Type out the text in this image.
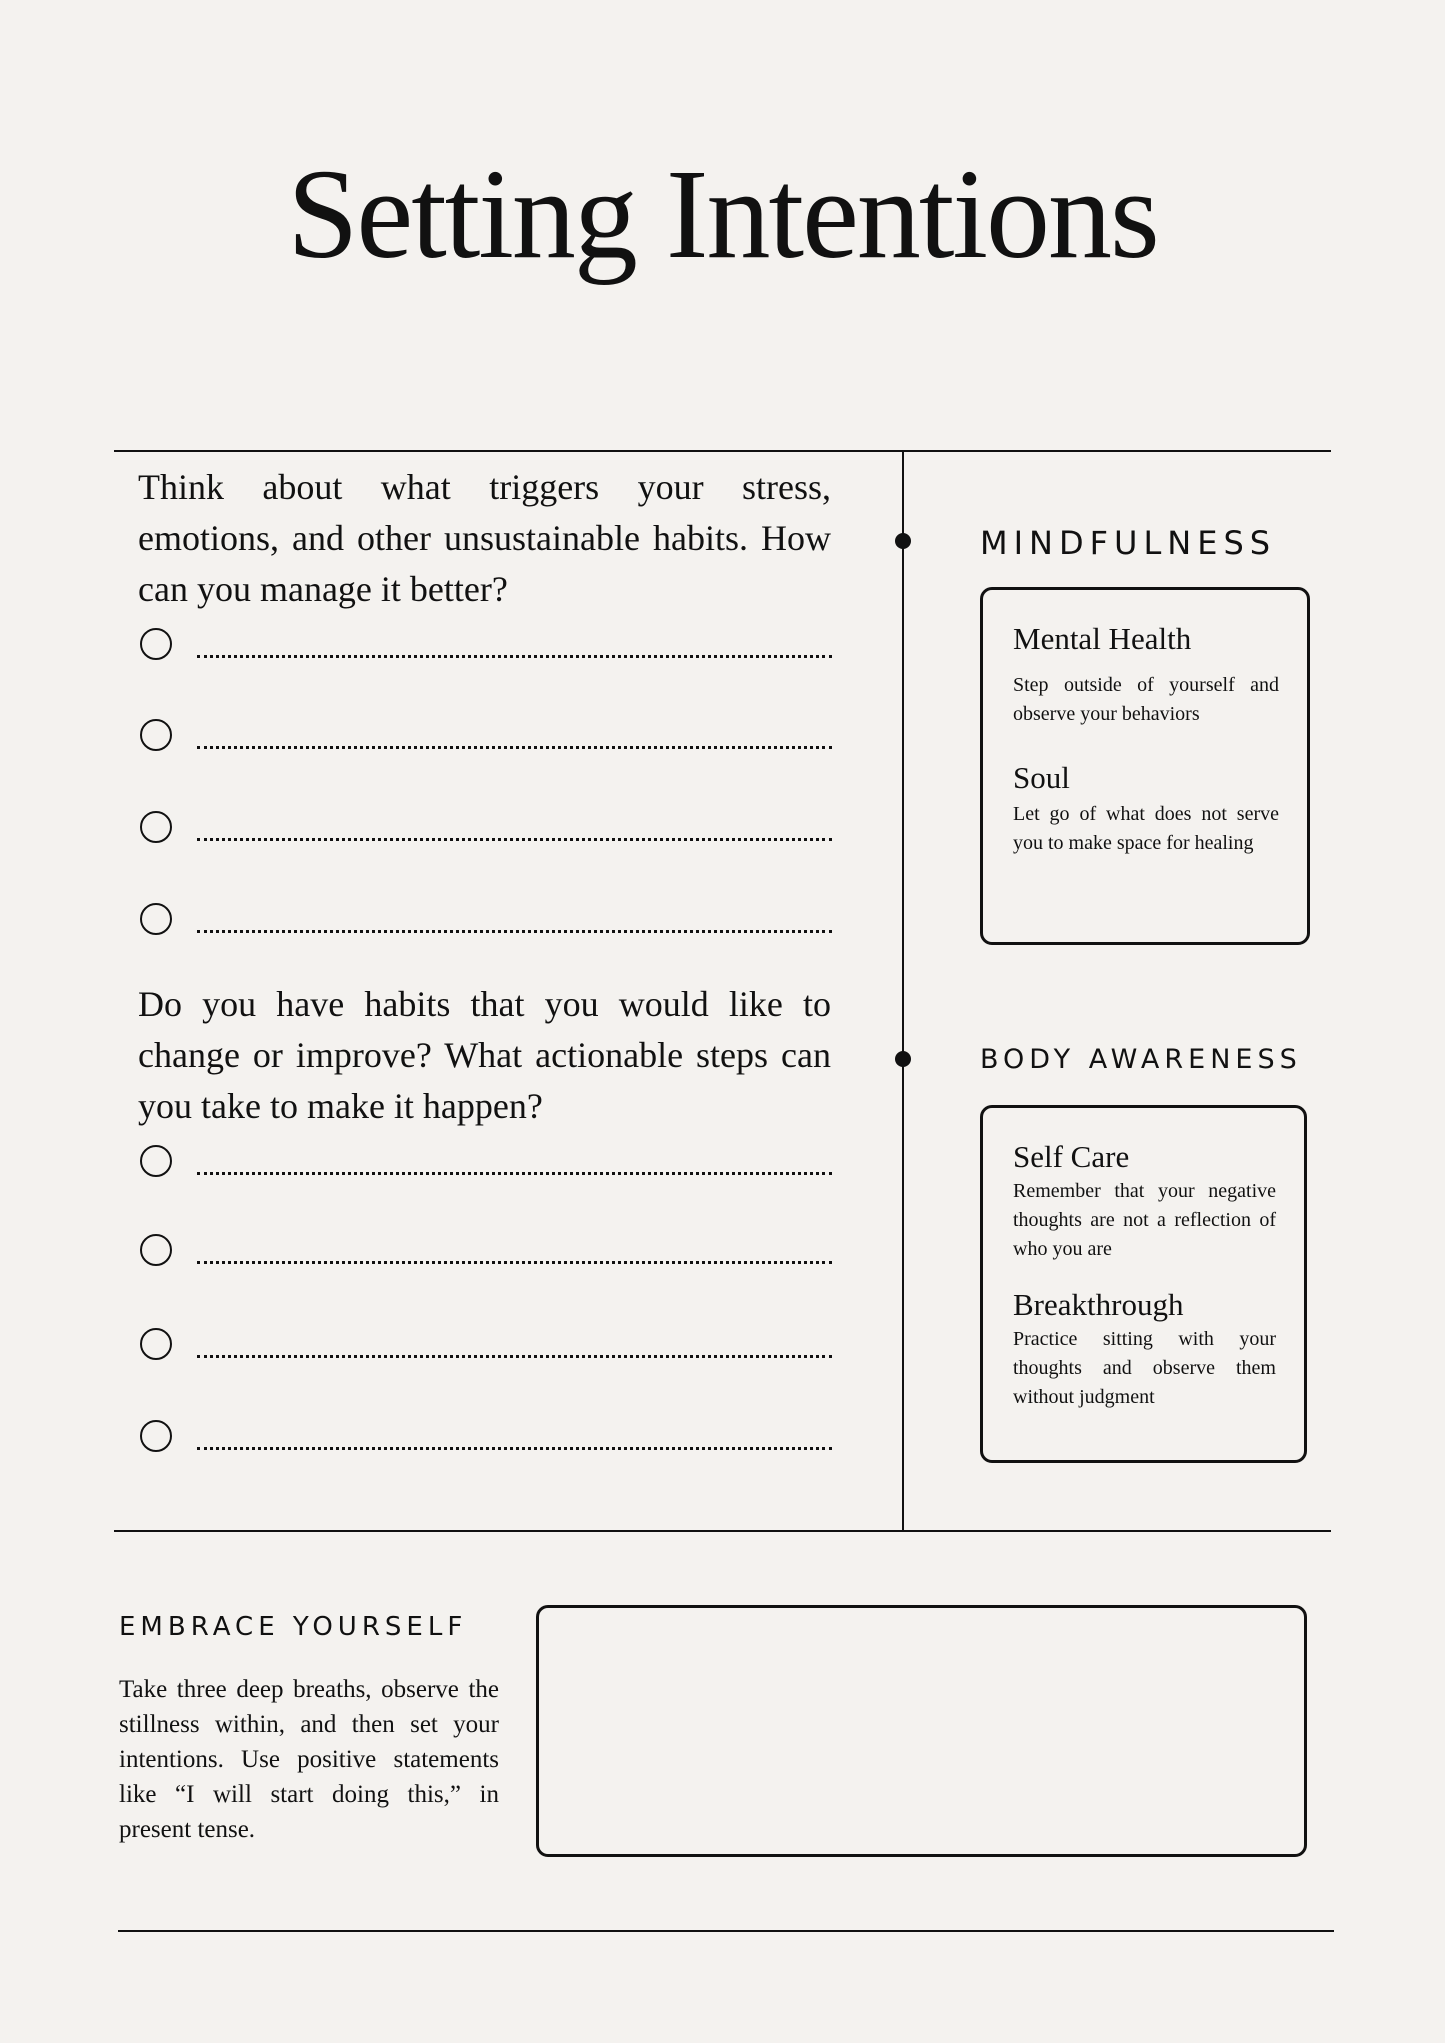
Setting Intentions
Think about what triggers your stress, emotions, and other unsustainable habits. How can you manage it better?
Do you have habits that you would like to change or improve? What actionable steps can you take to make it happen?
MINDFULNESS

Mental Health

Step outside of yourself and observe your behaviors

Soul

Let go of what does not serve you to make space for healing

BODY AWARENESS

Self Care

Remember that your negative thoughts are not a reflection of who you are

Breakthrough

Practice sitting with your thoughts and observe them without judgment

EMBRACE YOURSELF
Take three deep breaths, observe the stillness within, and then set your intentions. Use positive statements like “I will start doing this,” in present tense.
